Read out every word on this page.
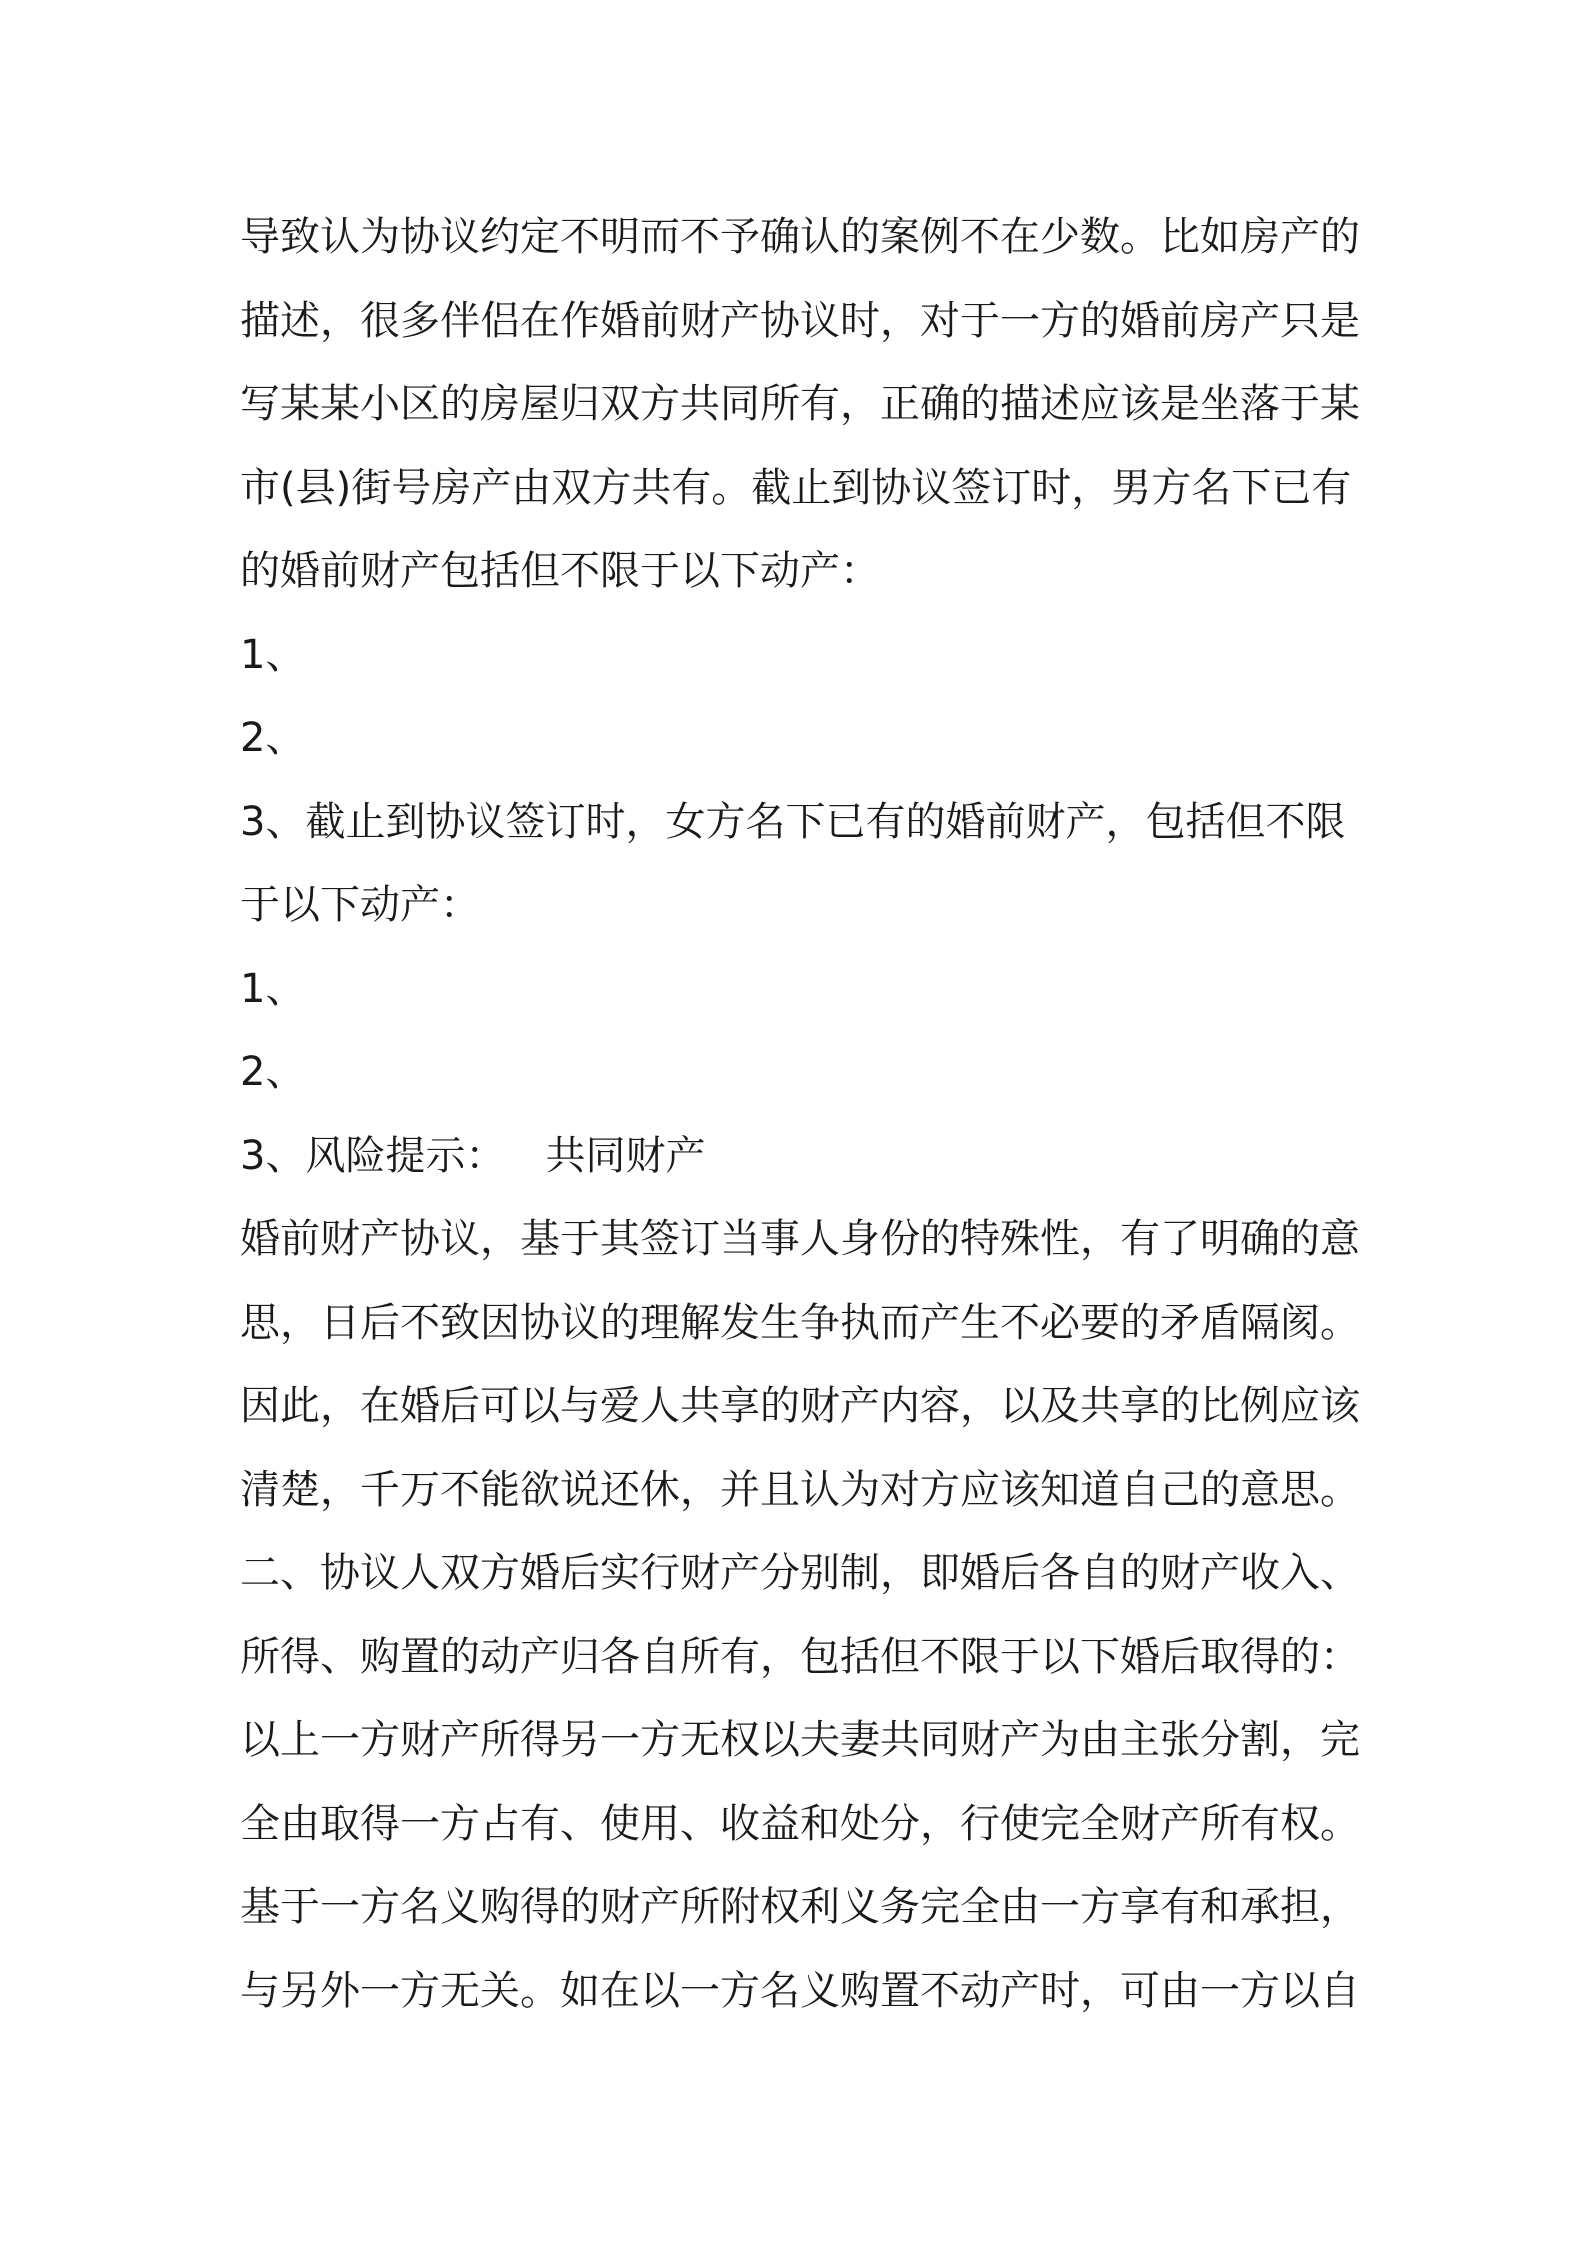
导致认为协议约定不明而不予确认的案例不在少数。比如房产的
描述，很多伴侣在作婚前财产协议时，对于一方的婚前房产只是
写某某小区的房屋归双方共同所有，正确的描述应该是坐落于某
市(县)街号房产由双方共有。截止到协议签订时，男方名下已有
的婚前财产包括但不限于以下动产：
1、
2、
3、截止到协议签订时，女方名下已有的婚前财产，包括但不限
于以下动产：
1、
2、
3、风险提示： 共同财产
婚前财产协议，基于其签订当事人身份的特殊性，有了明确的意
思，日后不致因协议的理解发生争执而产生不必要的矛盾隔阂。
因此，在婚后可以与爱人共享的财产内容，以及共享的比例应该
清楚，千万不能欲说还休，并且认为对方应该知道自己的意思。
二、协议人双方婚后实行财产分别制，即婚后各自的财产收入、
所得、购置的动产归各自所有，包括但不限于以下婚后取得的：
以上一方财产所得另一方无权以夫妻共同财产为由主张分割，完
全由取得一方占有、使用、收益和处分，行使完全财产所有权。
基于一方名义购得的财产所附权利义务完全由一方享有和承担，
与另外一方无关。如在以一方名义购置不动产时，可由一方以自
